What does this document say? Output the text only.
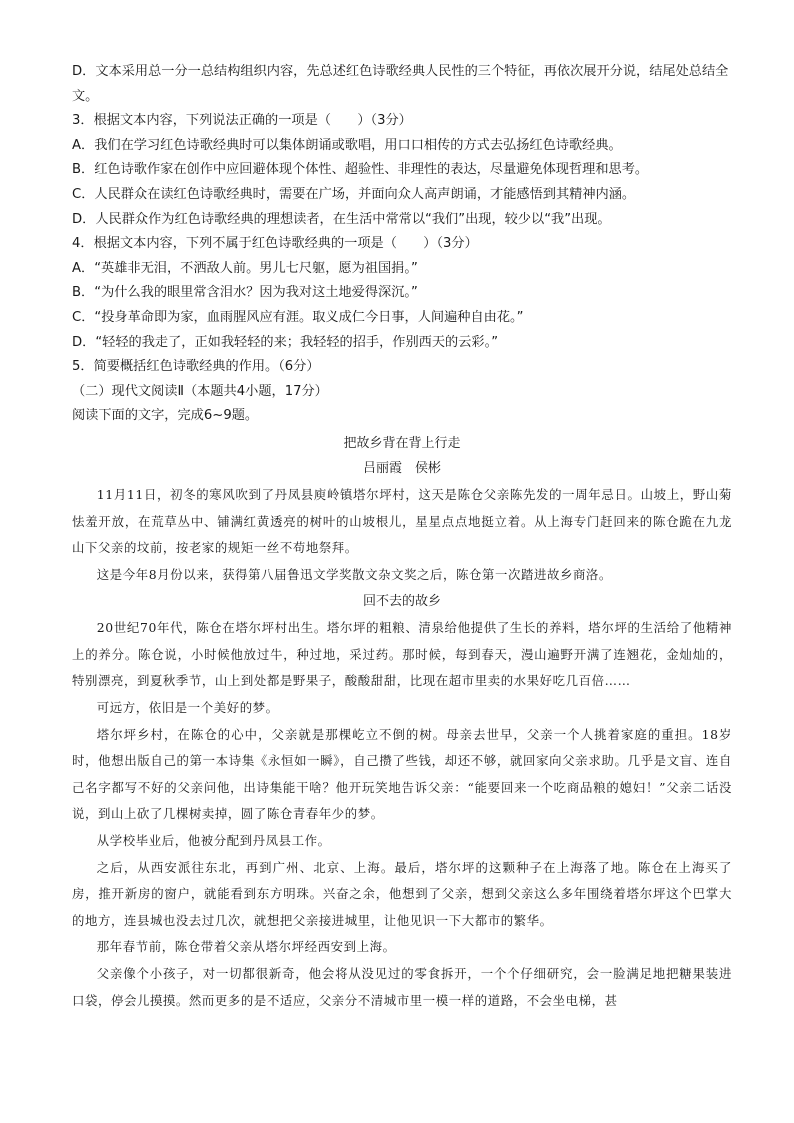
D．文本采用总一分一总结构组织内容，先总述红色诗歌经典人民性的三个特征，再依次展开分说，结尾处总结全文。

3．根据文本内容，下列说法正确的一项是（　　）（3分）

A．我们在学习红色诗歌经典时可以集体朗诵或歌唱，用口口相传的方式去弘扬红色诗歌经典。

B．红色诗歌作家在创作中应回避体现个体性、超验性、非理性的表达，尽量避免体现哲理和思考。

C．人民群众在读红色诗歌经典时，需要在广场，并面向众人高声朗诵，才能感悟到其精神内涵。

D．人民群众作为红色诗歌经典的理想读者，在生活中常常以“我们”出现，较少以“我”出现。

4．根据文本内容，下列不属于红色诗歌经典的一项是（　　）（3分）

A．“英雄非无泪，不洒敌人前。男儿七尺躯，愿为祖国捐。”

B．“为什么我的眼里常含泪水？因为我对这土地爱得深沉。”

C．“投身革命即为家，血雨腥风应有涯。取义成仁今日事，人间遍种自由花。”

D．“轻轻的我走了，正如我轻轻的来；我轻轻的招手，作别西天的云彩。”

5．简要概括红色诗歌经典的作用。（6分）

（二）现代文阅读Ⅱ（本题共4小题，17分）

阅读下面的文字，完成6~9题。

把故乡背在背上行走

吕丽霞　侯彬

11月11日，初冬的寒风吹到了丹凤县庾岭镇塔尔坪村，这天是陈仓父亲陈先发的一周年忌日。山坡上，野山菊怯羞开放，在荒草丛中、铺满红黄透亮的树叶的山坡根儿，星星点点地挺立着。从上海专门赶回来的陈仓跪在九龙山下父亲的坟前，按老家的规矩一丝不苟地祭拜。

这是今年8月份以来，获得第八届鲁迅文学奖散文杂文奖之后，陈仓第一次踏进故乡商洛。

回不去的故乡

20世纪70年代，陈仓在塔尔坪村出生。塔尔坪的粗粮、清泉给他提供了生长的养料，塔尔坪的生活给了他精神上的养分。陈仓说，小时候他放过牛，种过地，采过药。那时候，每到春天，漫山遍野开满了连翘花，金灿灿的，特别漂亮，到夏秋季节，山上到处都是野果子，酸酸甜甜，比现在超市里卖的水果好吃几百倍……

可远方，依旧是一个美好的梦。

塔尔坪乡村，在陈仓的心中，父亲就是那棵屹立不倒的树。母亲去世早，父亲一个人挑着家庭的重担。18岁时，他想出版自己的第一本诗集《永恒如一瞬》，自己攒了些钱，却还不够，就回家向父亲求助。几乎是文盲、连自己名字都写不好的父亲问他，出诗集能干啥？他开玩笑地告诉父亲：“能要回来一个吃商品粮的媳妇！”父亲二话没说，到山上砍了几棵树卖掉，圆了陈仓青春年少的梦。

从学校毕业后，他被分配到丹凤县工作。

之后，从西安派往东北，再到广州、北京、上海。最后，塔尔坪的这颗种子在上海落了地。陈仓在上海买了房，推开新房的窗户，就能看到东方明珠。兴奋之余，他想到了父亲，想到父亲这么多年围绕着塔尔坪这个巴掌大的地方，连县城也没去过几次，就想把父亲接进城里，让他见识一下大都市的繁华。

那年春节前，陈仓带着父亲从塔尔坪经西安到上海。

父亲像个小孩子，对一切都很新奇，他会将从没见过的零食拆开，一个个仔细研究，会一脸满足地把糖果装进口袋，停会儿摸摸。然而更多的是不适应，父亲分不清城市里一模一样的道路，不会坐电梯，甚
